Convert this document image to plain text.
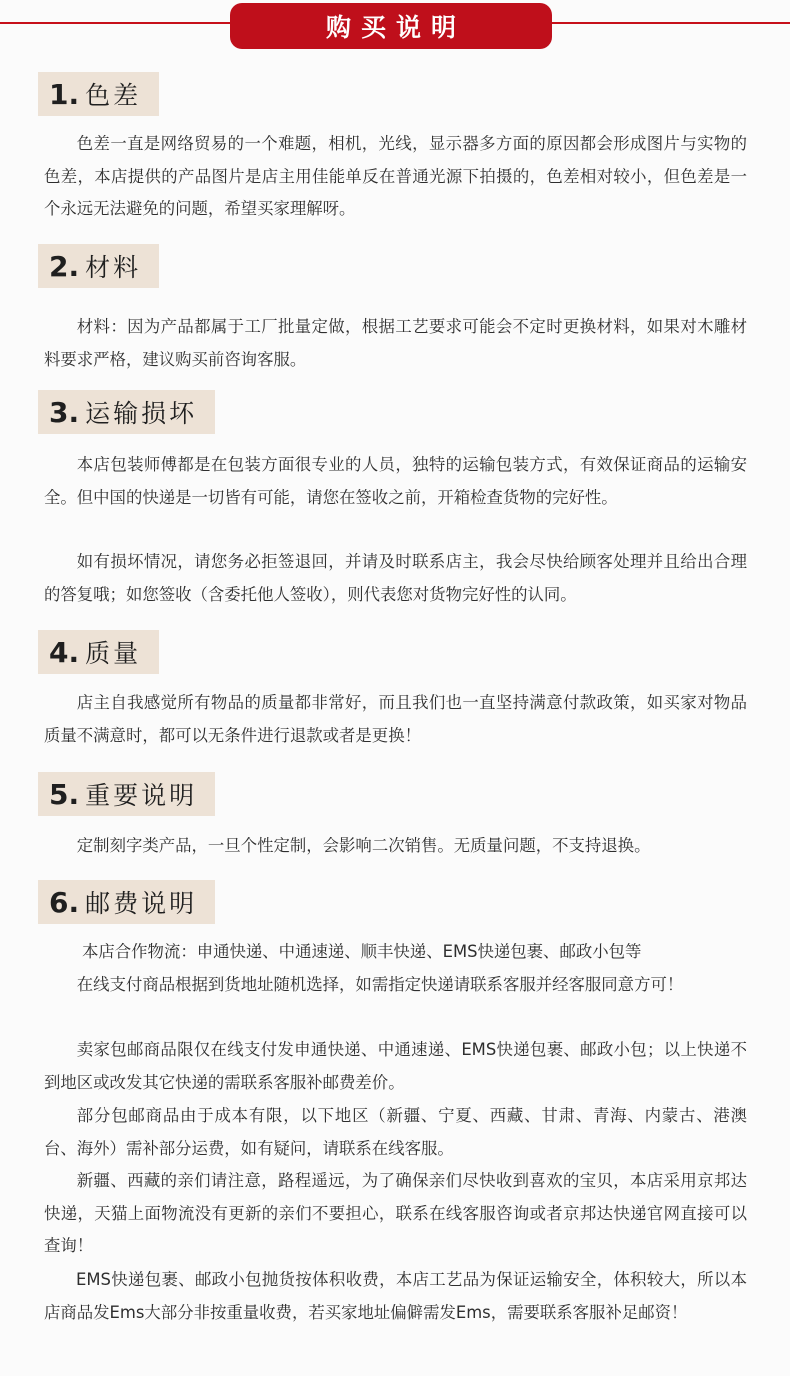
购买说明
1. 色差

色差一直是网络贸易的一个难题，相机，光线，显示器多方面的原因都会形成图片与实物的色差，本店提供的产品图片是店主用佳能单反在普通光源下拍摄的，色差相对较小，但色差是一个永远无法避免的问题，希望买家理解呀。

2. 材料

材料：因为产品都属于工厂批量定做，根据工艺要求可能会不定时更换材料，如果对木雕材料要求严格，建议购买前咨询客服。

3. 运输损坏

本店包装师傅都是在包装方面很专业的人员，独特的运输包装方式，有效保证商品的运输安全。但中国的快递是一切皆有可能，请您在签收之前，开箱检查货物的完好性。

如有损坏情况，请您务必拒签退回，并请及时联系店主，我会尽快给顾客处理并且给出合理的答复哦；如您签收（含委托他人签收），则代表您对货物完好性的认同。

4. 质量

店主自我感觉所有物品的质量都非常好，而且我们也一直坚持满意付款政策，如买家对物品质量不满意时，都可以无条件进行退款或者是更换！

5. 重要说明

定制刻字类产品，一旦个性定制，会影响二次销售。无质量问题，不支持退换。

6. 邮费说明

本店合作物流：申通快递、中通速递、顺丰快递、EMS快递包裹、邮政小包等

在线支付商品根据到货地址随机选择，如需指定快递请联系客服并经客服同意方可！

卖家包邮商品限仅在线支付发申通快递、中通速递、EMS快递包裹、邮政小包；以上快递不到地区或改发其它快递的需联系客服补邮费差价。

部分包邮商品由于成本有限，以下地区（新疆、宁夏、西藏、甘肃、青海、内蒙古、港澳台、海外）需补部分运费，如有疑问，请联系在线客服。

新疆、西藏的亲们请注意，路程遥远，为了确保亲们尽快收到喜欢的宝贝，本店采用京邦达快递，天猫上面物流没有更新的亲们不要担心，联系在线客服咨询或者京邦达快递官网直接可以查询！

EMS快递包裹、邮政小包抛货按体积收费，本店工艺品为保证运输安全，体积较大，所以本店商品发Ems大部分非按重量收费，若买家地址偏僻需发Ems，需要联系客服补足邮资！
